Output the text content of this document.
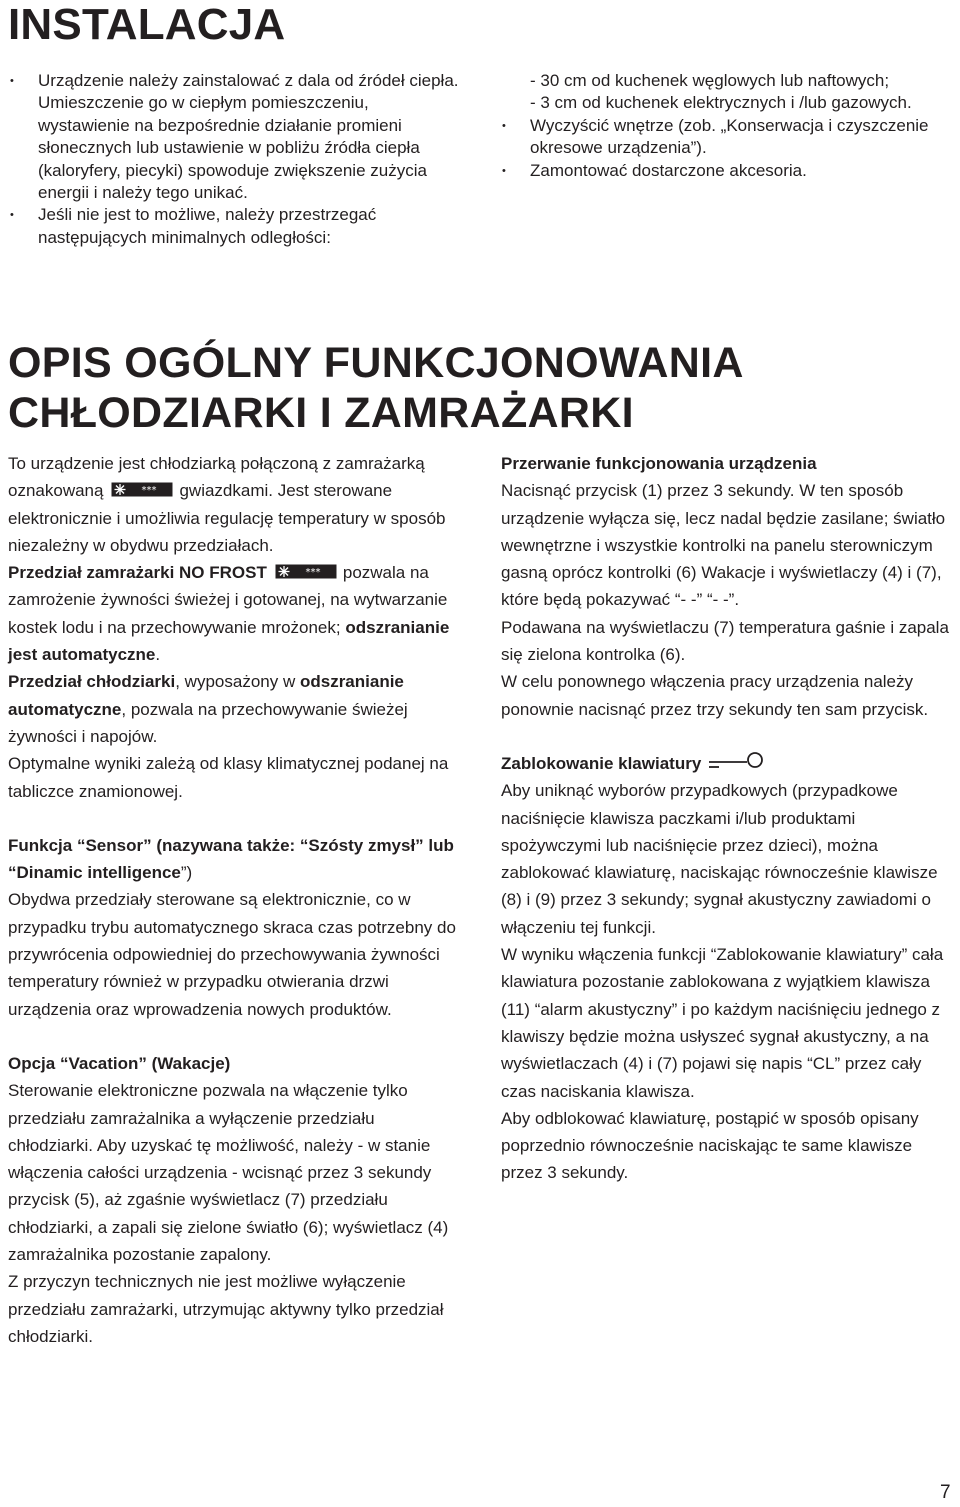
INSTALACJA

• Urządzenie należy zainstalować z dala od źródeł ciepła. Umieszczenie go w ciepłym pomieszczeniu, wystawienie na bezpośrednie działanie promieni słonecznych lub ustawienie w pobliżu źródła ciepła (kaloryfery, piecyki) spowoduje zwiększenie zużycia energii i należy tego unikać.

• Jeśli nie jest to możliwe, należy przestrzegać następujących minimalnych odległości:

- 30 cm od kuchenek węglowych lub naftowych;

- 3 cm od kuchenek elektrycznych i /lub gazowych.

• Wyczyścić wnętrze (zob. „Konserwacja i czyszczenie okresowe urządzenia”).

• Zamontować dostarczone akcesoria.

OPIS OGÓLNY FUNKCJONOWANIA

CHŁODZIARKI I ZAMRAŻARKI

To urządzenie jest chłodziarką połączoną z zamrażarką oznakowaną	*** gwiazdkami. Jest sterowane elektronicznie i umożliwia regulację temperatury w sposób niezależny w obydwu przedziałach.

Przedział zamrażarki NO FROST	*** pozwala na zamrożenie żywności świeżej i gotowanej, na wytwarzanie kostek lodu i na przechowywanie mrożonek; odszranianie jest automatyczne.

Przedział chłodziarki, wyposażony w odszranianie automatyczne, pozwala na przechowywanie świeżej żywności i napojów.

Optymalne wyniki zależą od klasy klimatycznej podanej na tabliczce znamionowej.

Funkcja “Sensor” (nazywana także: “Szósty zmysł” lub “Dinamic intelligence”)

Obydwa przedziały sterowane są elektronicznie, co w przypadku trybu automatycznego skraca czas potrzebny do przywrócenia odpowiedniej do przechowywania żywności temperatury również w przypadku otwierania drzwi urządzenia oraz wprowadzenia nowych produktów.

Opcja “Vacation” (Wakacje)

Sterowanie elektroniczne pozwala na włączenie tylko przedziału zamrażalnika a wyłączenie przedziału chłodziarki. Aby uzyskać tę możliwość, należy - w stanie włączenia całości urządzenia - wcisnąć przez 3 sekundy przycisk (5), aż zgaśnie wyświetlacz (7) przedziału chłodziarki, a zapali się zielone światło (6); wyświetlacz (4) zamrażalnika pozostanie zapalony.

Z przyczyn technicznych nie jest możliwe wyłączenie przedziału zamrażarki, utrzymując aktywny tylko przedział chłodziarki.

Przerwanie funkcjonowania urządzenia

Nacisnąć przycisk (1) przez 3 sekundy. W ten sposób urządzenie wyłącza się, lecz nadal będzie zasilane; światło wewnętrzne i wszystkie kontrolki na panelu sterowniczym gasną oprócz kontrolki (6) Wakacje i wyświetlaczy (4) i (7), które będą pokazywać “- -” “- -”.

Podawana na wyświetlaczu (7) temperatura gaśnie i zapala się zielona kontrolka (6).

W celu ponownego włączenia pracy urządzenia należy ponownie nacisnąć przez trzy sekundy ten sam przycisk.

Zablokowanie klawiatury

Aby uniknąć wyborów przypadkowych (przypadkowe naciśnięcie klawisza paczkami i/lub produktami spożywczymi lub naciśnięcie przez dzieci), można zablokować klawiaturę, naciskając równocześnie klawisze (8) i (9) przez 3 sekundy; sygnał akustyczny zawiadomi o włączeniu tej funkcji.

W wyniku włączenia funkcji “Zablokowanie klawiatury” cała klawiatura pozostanie zablokowana z wyjątkiem klawisza (11) “alarm akustyczny” i po każdym naciśnięciu jednego z klawiszy będzie można usłyszeć sygnał akustyczny, a na wyświetlaczach (4) i (7) pojawi się napis “CL” przez cały czas naciskania klawisza.

Aby odblokować klawiaturę, postąpić w sposób opisany poprzednio równocześnie naciskając te same klawisze przez 3 sekundy.

7
